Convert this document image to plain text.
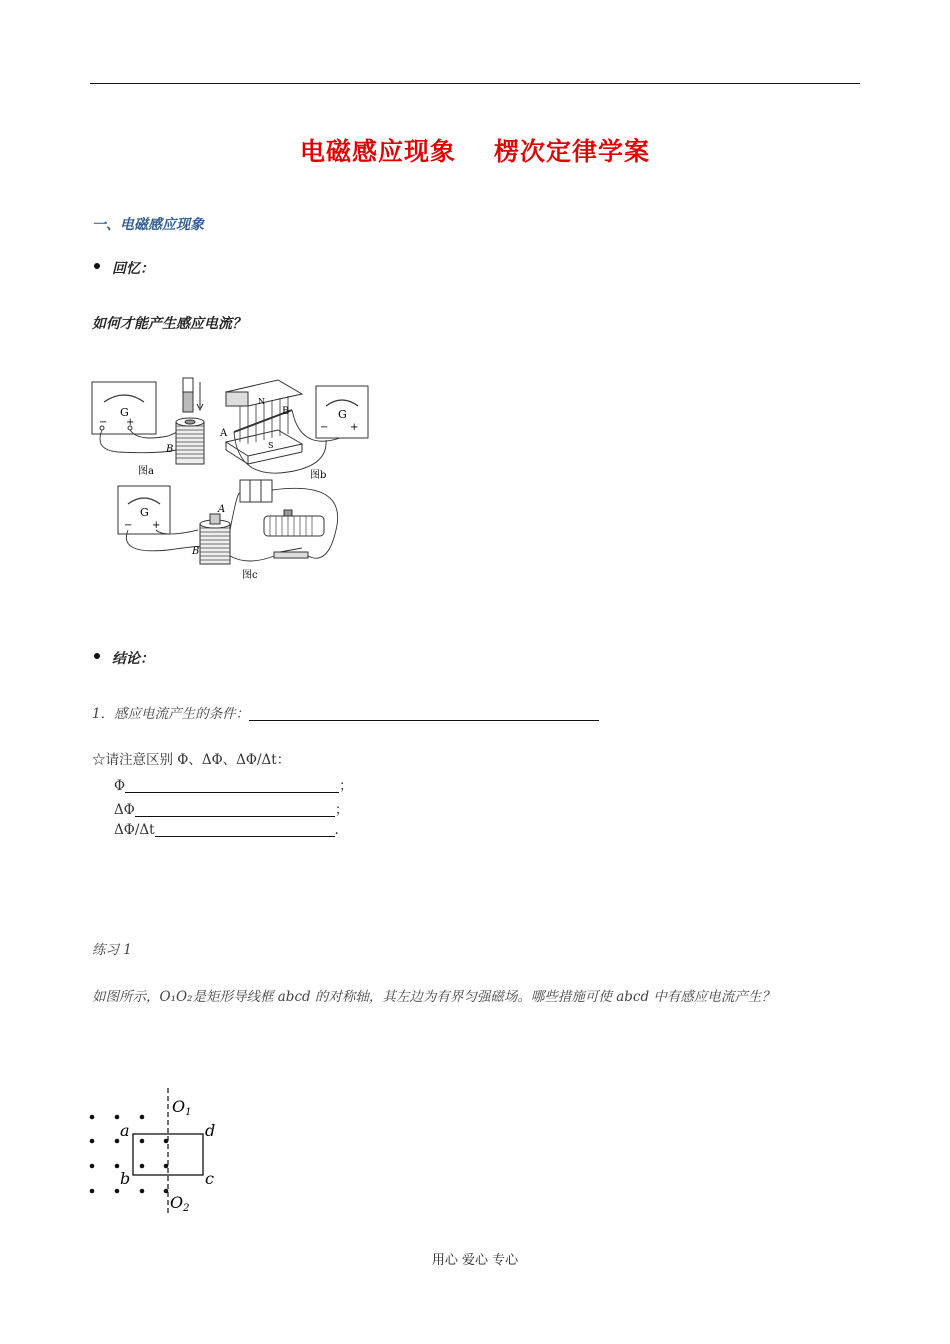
电磁感应现象 楞次定律学案
一、电磁感应现象
回忆：
如何才能产生感应电流？
G
− +
B
图a
N
S
A
B	G
− +
图b
G
− +
A
B
图c
结论：
1．感应电流产生的条件：
☆请注意区别 Φ、ΔΦ、ΔΦ/Δt：
Φ	；
ΔΦ	；
ΔΦ/Δt	.
练习 1
如图所示，O₁O₂是矩形导线框 abcd 的对称轴，其左边为有界匀强磁场。哪些措施可使 abcd 中有感应电流产生？
O1
O2
a
b	c
d
用心 爱心 专心
